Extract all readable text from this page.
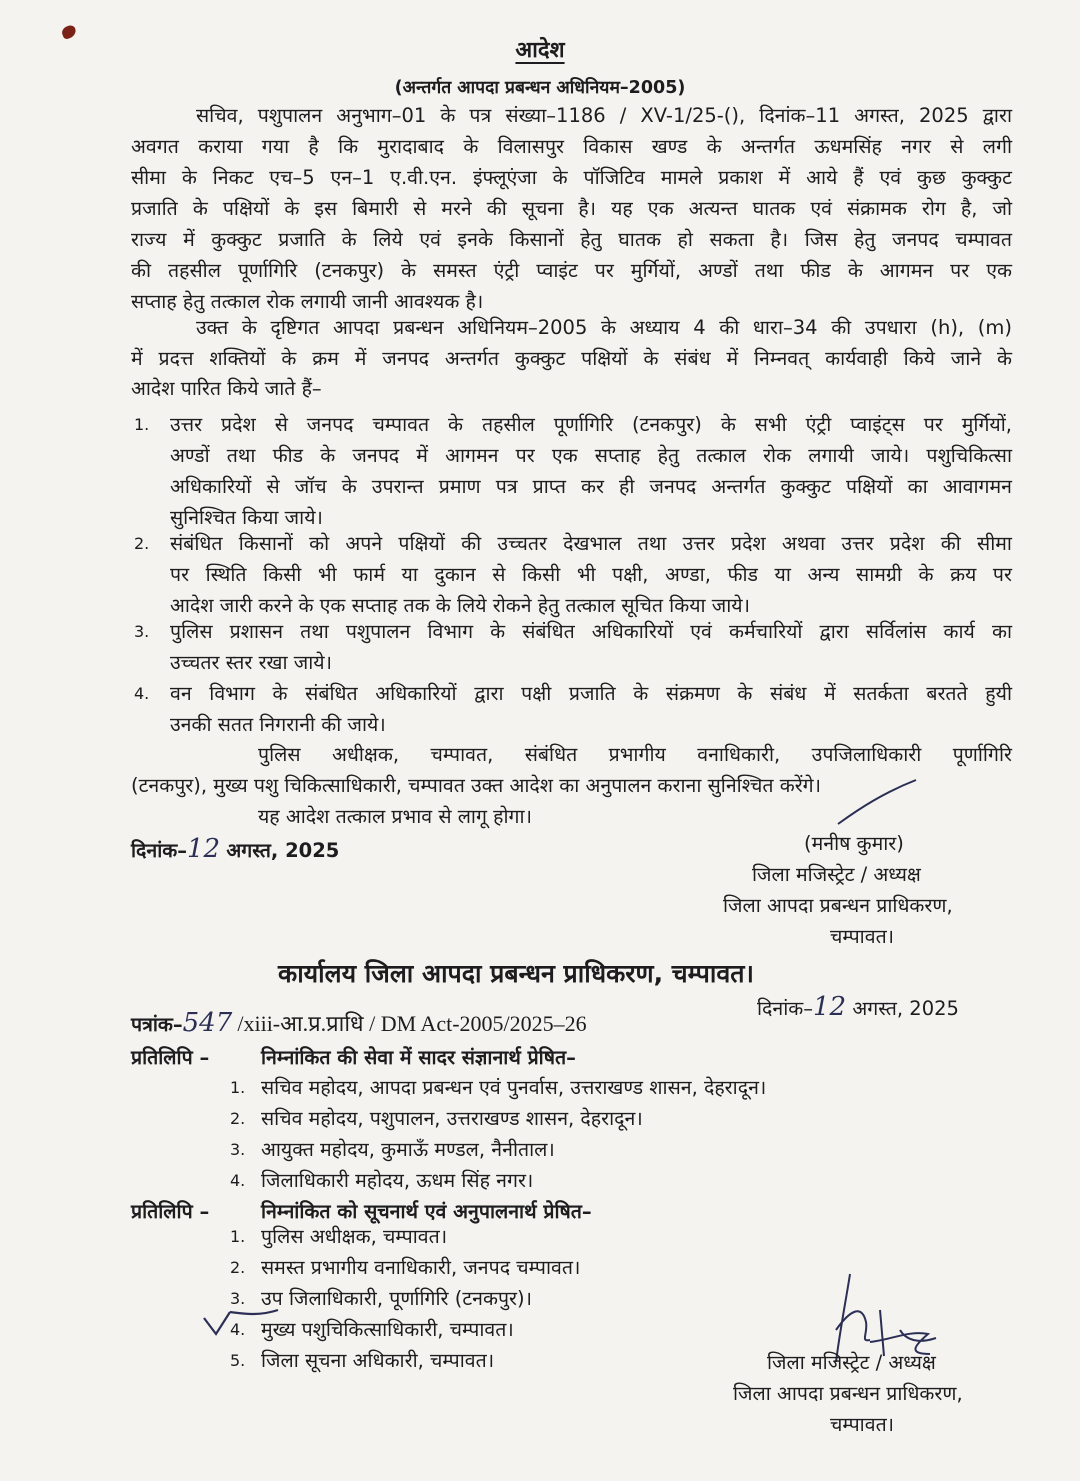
आदेश
(अन्तर्गत आपदा प्रबन्धन अधिनियम–2005)
सचिव, पशुपालन अनुभाग–01 के पत्र संख्या–1186 / XV-1/25-(), दिनांक–11 अगस्त, 2025 द्वारा
अवगत कराया गया है कि मुरादाबाद के विलासपुर विकास खण्ड के अन्तर्गत ऊधमसिंह नगर से लगी
सीमा के निकट एच–5 एन–1 ए.वी.एन. इंफ्लूएंजा के पॉजिटिव मामले प्रकाश में आये हैं एवं कुछ कुक्कुट
प्रजाति के पक्षियों के इस बिमारी से मरने की सूचना है। यह एक अत्यन्त घातक एवं संक्रामक रोग है, जो
राज्य में कुक्कुट प्रजाति के लिये एवं इनके किसानों हेतु घातक हो सकता है। जिस हेतु जनपद चम्पावत
की तहसील पूर्णागिरि (टनकपुर) के समस्त एंट्री प्वाइंट पर मुर्गियों, अण्डों तथा फीड के आगमन पर एक
सप्ताह हेतु तत्काल रोक लगायी जानी आवश्यक है।
उक्त के दृष्टिगत आपदा प्रबन्धन अधिनियम–2005 के अध्याय 4 की धारा–34 की उपधारा (h), (m)
में प्रदत्त शक्तियों के क्रम में जनपद अन्तर्गत कुक्कुट पक्षियों के संबंध में निम्नवत् कार्यवाही किये जाने के
आदेश पारित किये जाते हैं–
1. उत्तर प्रदेश से जनपद चम्पावत के तहसील पूर्णागिरि (टनकपुर) के सभी एंट्री प्वाइंट्स पर मुर्गियों,
अण्डों तथा फीड के जनपद में आगमन पर एक सप्ताह हेतु तत्काल रोक लगायी जाये। पशुचिकित्सा
अधिकारियों से जॉच के उपरान्त प्रमाण पत्र प्राप्त कर ही जनपद अन्तर्गत कुक्कुट पक्षियों का आवागमन
सुनिश्चित किया जाये।
2. संबंधित किसानों को अपने पक्षियों की उच्चतर देखभाल तथा उत्तर प्रदेश अथवा उत्तर प्रदेश की सीमा
पर स्थिति किसी भी फार्म या दुकान से किसी भी पक्षी, अण्डा, फीड या अन्य सामग्री के क्रय पर
आदेश जारी करने के एक सप्ताह तक के लिये रोकने हेतु तत्काल सूचित किया जाये।
3. पुलिस प्रशासन तथा पशुपालन विभाग के संबंधित अधिकारियों एवं कर्मचारियों द्वारा सर्विलांस कार्य का
उच्चतर स्तर रखा जाये।
4. वन विभाग के संबंधित अधिकारियों द्वारा पक्षी प्रजाति के संक्रमण के संबंध में सतर्कता बरतते हुयी
उनकी सतत निगरानी की जाये।
पुलिस अधीक्षक, चम्पावत, संबंधित प्रभागीय वनाधिकारी, उपजिलाधिकारी पूर्णागिरि
(टनकपुर), मुख्य पशु चिकित्साधिकारी, चम्पावत उक्त आदेश का अनुपालन कराना सुनिश्चित करेंगे।
यह आदेश तत्काल प्रभाव से लागू होगा।
दिनांक–12 अगस्त, 2025	(मनीष कुमार)
जिला मजिस्ट्रेट / अध्यक्ष
जिला आपदा प्रबन्धन प्राधिकरण,
चम्पावत।
कार्यालय जिला आपदा प्रबन्धन प्राधिकरण, चम्पावत।
पत्रांक–547 /xiii-आ.प्र.प्राधि / DM Act-2005/2025–26
दिनांक–12 अगस्त, 2025
प्रतिलिपि –	निम्नांकित की सेवा में सादर संज्ञानार्थ प्रेषित–
1. सचिव महोदय, आपदा प्रबन्धन एवं पुनर्वास, उत्तराखण्ड शासन, देहरादून।
2. सचिव महोदय, पशुपालन, उत्तराखण्ड शासन, देहरादून।
3. आयुक्त महोदय, कुमाऊँ मण्डल, नैनीताल।
4. जिलाधिकारी महोदय, ऊधम सिंह नगर।
प्रतिलिपि –	निम्नांकित को सूचनार्थ एवं अनुपालनार्थ प्रेषित–
1. पुलिस अधीक्षक, चम्पावत।
2. समस्त प्रभागीय वनाधिकारी, जनपद चम्पावत।
3. उप जिलाधिकारी, पूर्णागिरि (टनकपुर)।
4. मुख्य पशुचिकित्साधिकारी, चम्पावत।
5. जिला सूचना अधिकारी, चम्पावत।	जिला मजिस्ट्रेट / अध्यक्ष
जिला आपदा प्रबन्धन प्राधिकरण,
चम्पावत।
